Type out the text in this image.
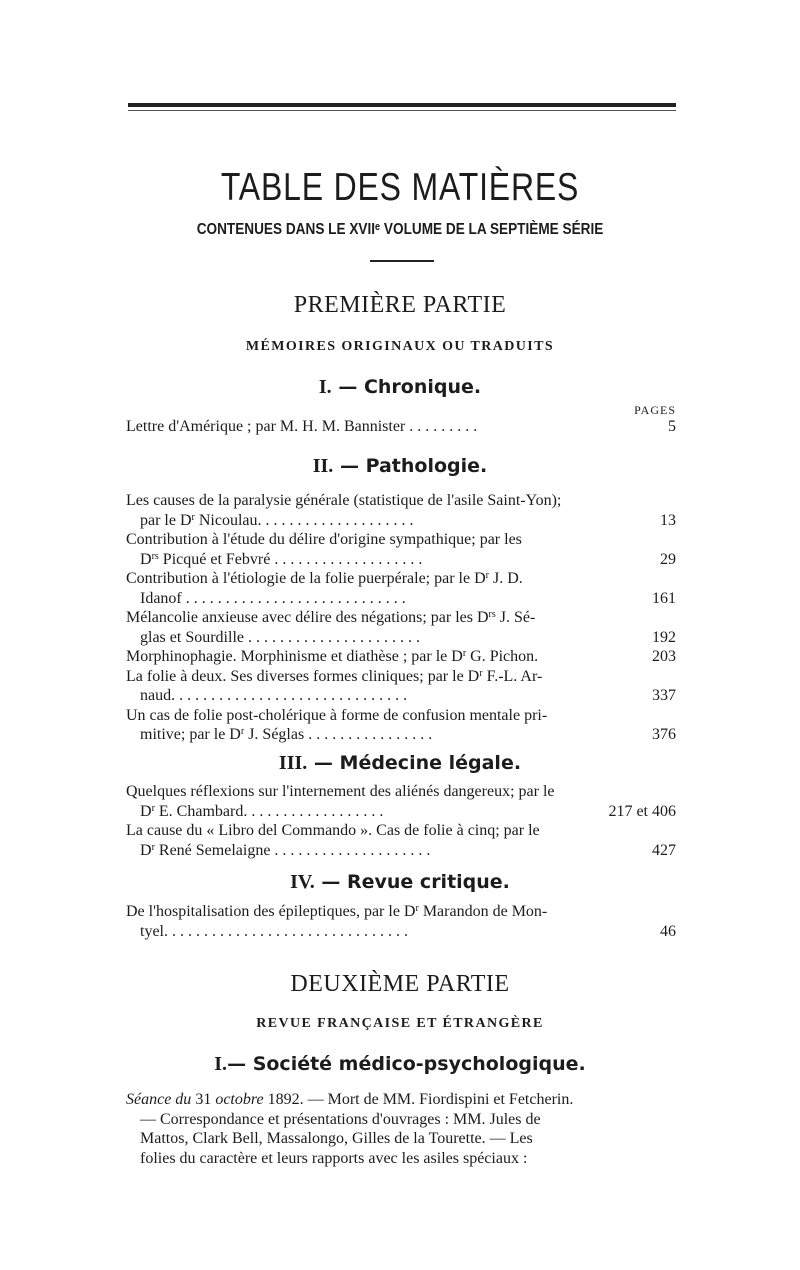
TABLE DES MATIÈRES
CONTENUES DANS LE XVIIᵉ VOLUME DE LA SEPTIÈME SÉRIE
PREMIÈRE PARTIE
MÉMOIRES ORIGINAUX OU TRADUITS
I. — Chronique.
PAGES
Lettre d'Amérique ; par M. H. M. Bannister . . . . . . . . .	5
II. — Pathologie.
Les causes de la paralysie générale (statistique de l'asile Saint-Yon);
par le $D^r$ Nicoulau. . . . . . . . . . . . . . . . . . . .	13
Contribution à l'étude du délire d'origine sympathique; par les
$D^{rs}$ Picqué et Febvré . . . . . . . . . . . . . . . . . . .	29
Contribution à l'étiologie de la folie puerpérale; par le $D^r$ J. D.
Idanof . . . . . . . . . . . . . . . . . . . . . . . . . . . .	161
Mélancolie anxieuse avec délire des négations; par les $D^{rs}$ J. Sé-
glas et Sourdille . . . . . . . . . . . . . . . . . . . . . .	192
Morphinophagie. Morphinisme et diathèse ; par le $D^r$ G. Pichon.	203
La folie à deux. Ses diverses formes cliniques; par le $D^r$ F.-L. Ar-
naud. . . . . . . . . . . . . . . . . . . . . . . . . . . . . .	337
Un cas de folie post-cholérique à forme de confusion mentale pri-
mitive; par le $D^r$ J. Séglas . . . . . . . . . . . . . . . .	376
III. — Médecine légale.
Quelques réflexions sur l'internement des aliénés dangereux; par le
$D^r$ E. Chambard. . . . . . . . . . . . . . . . . .	217 et 406
La cause du « Libro del Commando ». Cas de folie à cinq; par le
$D^r$ René Semelaigne . . . . . . . . . . . . . . . . . . . .	427
IV. — Revue critique.
De l'hospitalisation des épileptiques, par le $D^r$ Marandon de Mon-
tyel. . . . . . . . . . . . . . . . . . . . . . . . . . . . . . .	46
DEUXIÈME PARTIE
REVUE FRANÇAISE ET ÉTRANGÈRE
I.— Société médico-psychologique.
Séance du 31 octobre 1892. — Mort de MM. Fiordispini et Fetcherin.
— Correspondance et présentations d'ouvrages : MM. Jules de
Mattos, Clark Bell, Massalongo, Gilles de la Tourette. — Les
folies du caractère et leurs rapports avec les asiles spéciaux :
